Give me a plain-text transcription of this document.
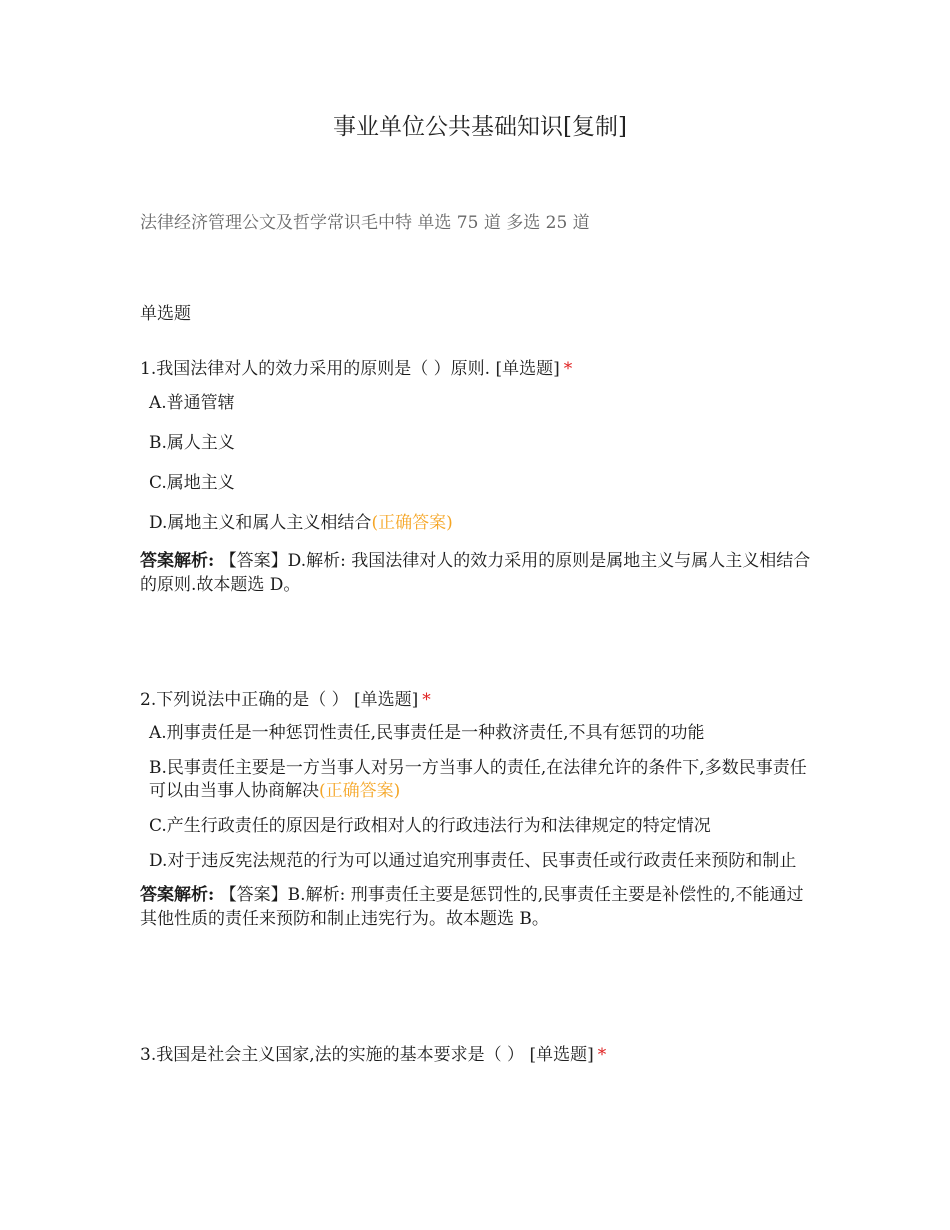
事业单位公共基础知识[复制]
法律经济管理公文及哲学常识毛中特 单选 75 道 多选 25 道
单选题
1.我国法律对人的效力采用的原则是（ ）原则. [单选题] *
A.普通管辖
B.属人主义
C.属地主义
D.属地主义和属人主义相结合(正确答案)
答案解析: 【答案】D.解析: 我国法律对人的效力采用的原则是属地主义与属人主义相结合的原则.故本题选 D。
2.下列说法中正确的是（ ） [单选题] *
A.刑事责任是一种惩罚性责任,民事责任是一种救济责任,不具有惩罚的功能
B.民事责任主要是一方当事人对另一方当事人的责任,在法律允许的条件下,多数民事责任可以由当事人协商解决(正确答案)
C.产生行政责任的原因是行政相对人的行政违法行为和法律规定的特定情况
D.对于违反宪法规范的行为可以通过追究刑事责任、民事责任或行政责任来预防和制止
答案解析: 【答案】B.解析: 刑事责任主要是惩罚性的,民事责任主要是补偿性的,不能通过其他性质的责任来预防和制止违宪行为。故本题选 B。
3.我国是社会主义国家,法的实施的基本要求是（ ） [单选题] *
